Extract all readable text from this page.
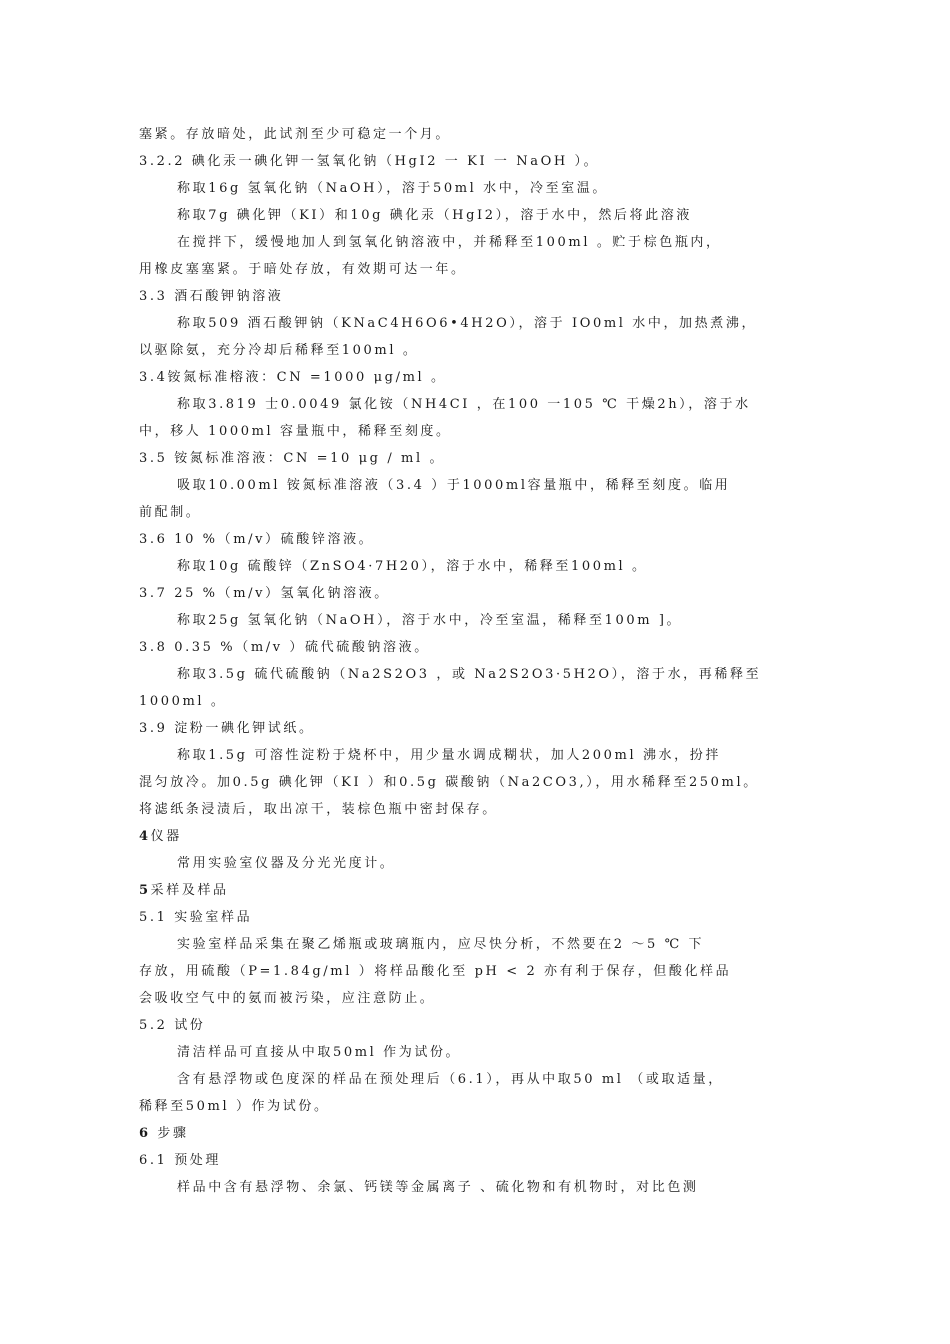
塞紧。存放暗处，此试剂至少可稳定一个月。
3.2.2 碘化汞一碘化钾一氢氧化钠（HgI2 一 KI 一 NaOH ）。
称取16g 氢氧化钠（NaOH），溶于50ml 水中，冷至室温。
称取7g 碘化钾（KI）和10g 碘化汞（HgI2），溶于水中，然后将此溶液
在搅拌下，缓慢地加人到氢氧化钠溶液中，并稀释至100ml 。贮于棕色瓶内，
用橡皮塞塞紧。于暗处存放，有效期可达一年。
3.3 酒石酸钾钠溶液
称取509 酒石酸钾钠（KNaC4H6O6•4H2O），溶于 IO0ml 水中，加热煮沸，
以驱除氨，充分冷却后稀释至100ml 。
3.4铵氮标准榕液：CN =1000 μg/ml 。
称取3.819 士0.0049 氯化铵（NH4CI ，在100 一105 ℃ 干燥2h），溶于水
中，移人 1000ml 容量瓶中，稀释至刻度。
3.5 铵氮标准溶液：CN =10 μg / ml 。
吸取10.00ml 铵氮标准溶液（3.4 ）于1000ml容量瓶中，稀释至刻度。临用
前配制。
3.6 10 %（m/v）硫酸锌溶液。
称取10g 硫酸锌（ZnSO4·7H20），溶于水中，稀释至100ml 。
3.7 25 %（m/v）氢氧化钠溶液。
称取25g 氢氧化钠（NaOH），溶于水中，冷至室温，稀释至100m ]。
3.8 0.35 %（m/v ）硫代硫酸钠溶液。
称取3.5g 硫代硫酸钠（Na2S2O3 ，或 Na2S2O3·5H2O），溶于水，再稀释至
1000ml 。
3.9 淀粉一碘化钾试纸。
称取1.5g 可溶性淀粉于烧杯中，用少量水调成糊状，加人200ml 沸水，扮拌
混匀放冷。加0.5g 碘化钾（KI ）和0.5g 碳酸钠（Na2CO3,），用水稀释至250ml。
将滤纸条浸渍后，取出凉干，装棕色瓶中密封保存。
4仪器
常用实验室仪器及分光光度计。
5采样及样品
5.1 实验室样品
实验室样品采集在聚乙烯瓶或玻璃瓶内，应尽快分析，不然要在2 ～5 ℃ 下
存放，用硫酸（P=1.84g/ml ）将样品酸化至 pH < 2 亦有利于保存，但酸化样品
会吸收空气中的氨而被污染，应注意防止。
5.2 试份
清洁样品可直接从中取50ml 作为试份。
含有悬浮物或色度深的样品在预处理后（6.1），再从中取50 ml （或取适量，
稀释至50ml ）作为试份。
6 步骤
6.1 预处理
样品中含有悬浮物、余氯、钙镁等金属离子 、硫化物和有机物时，对比色测
